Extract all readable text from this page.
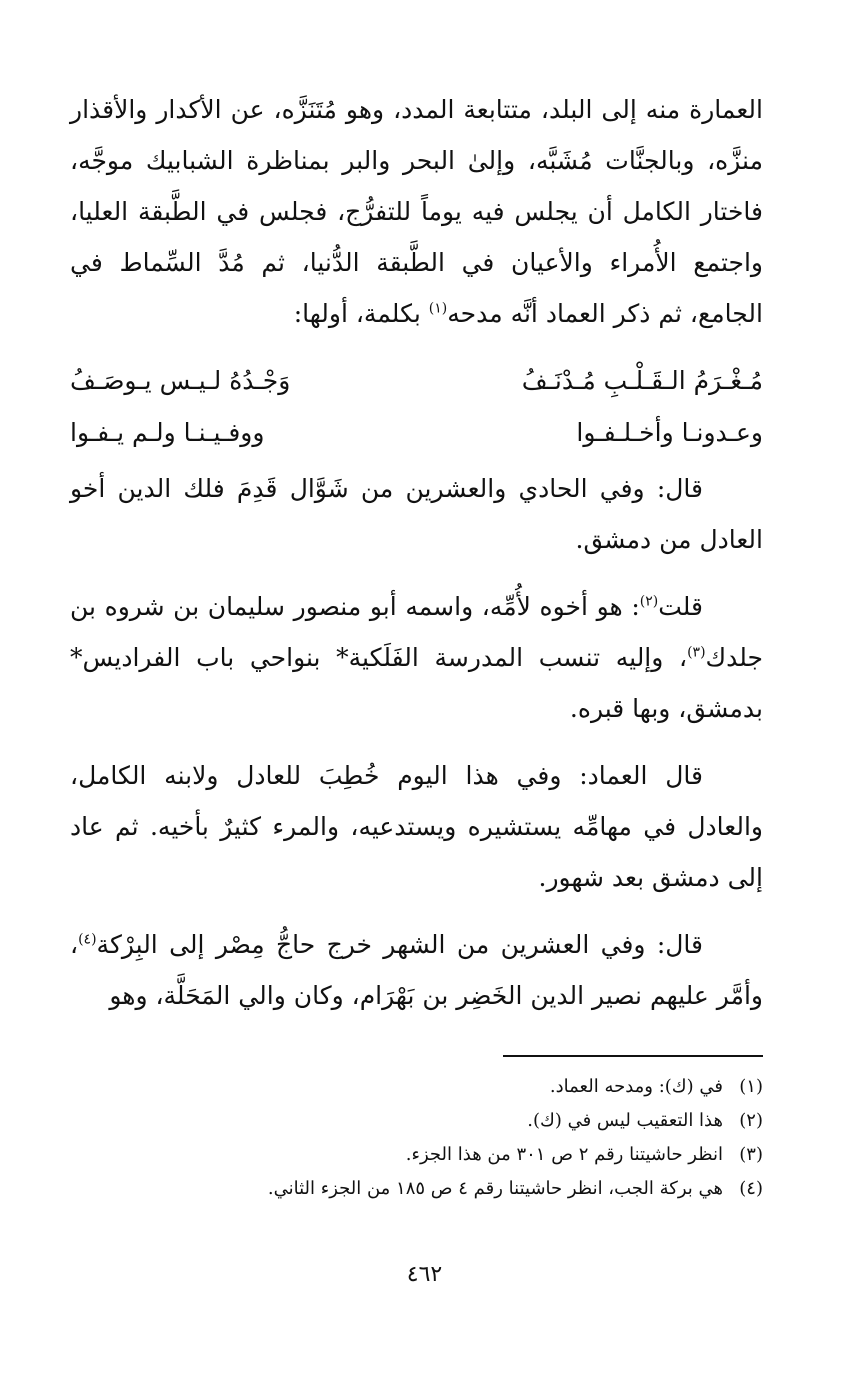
العمارة منه إلى البلد، متتابعة المدد، وهو مُتَنَزَّه، عن الأكدار والأقذار منزَّه، وبالجنَّات مُشَبَّه، وإلىٰ البحر والبر بمناظرة الشبابيك موجَّه، فاختار الكامل أن يجلس فيه يوماً للتفرُّج، فجلس في الطَّبقة العليا، واجتمع الأُمراء والأعيان في الطَّبقة الدُّنيا، ثم مُدَّ السِّماط في الجامع، ثم ذكر العماد أنَّه مدحه$^{(١)}$ بكلمة، أولها:

مُـغْـرَمُ الـقَـلْـبِ مُـدْنَـفُ
وَجْـدُهُ لـيـس يـوصَـفُ
وعـدونـا وأخـلـفـوا
ووفـيـنـا ولـم يـفـوا

قال: وفي الحادي والعشرين من شَوَّال قَدِمَ فلك الدين أخو العادل من دمشق.

قلت$^{(٢)}$: هو أخوه لأُمِّه، واسمه أبو منصور سليمان بن شروه بن جلدك$^{(٣)}$، وإليه تنسب المدرسة الفَلَكية* بنواحي باب الفراديس* بدمشق، وبها قبره.

قال العماد: وفي هذا اليوم خُطِبَ للعادل ولابنه الكامل، والعادل في مهامِّه يستشيره ويستدعيه، والمرء كثيرٌ بأخيه. ثم عاد إلى دمشق بعد شهور.

قال: وفي العشرين من الشهر خرج حاجُّ مِصْر إلى البِرْكة$^{(٤)}$، وأمَّر عليهم نصير الدين الخَضِر بن بَهْرَام، وكان والي المَحَلَّة، وهو

(١)
في (ك): ومدحه العماد.
(٢)
هذا التعقيب ليس في (ك).
(٣)
انظر حاشيتنا رقم ٢ ص ٣٠١ من هذا الجزء.
(٤)
هي بركة الجب، انظر حاشيتنا رقم ٤ ص ١٨٥ من الجزء الثاني.
٤٦٢
